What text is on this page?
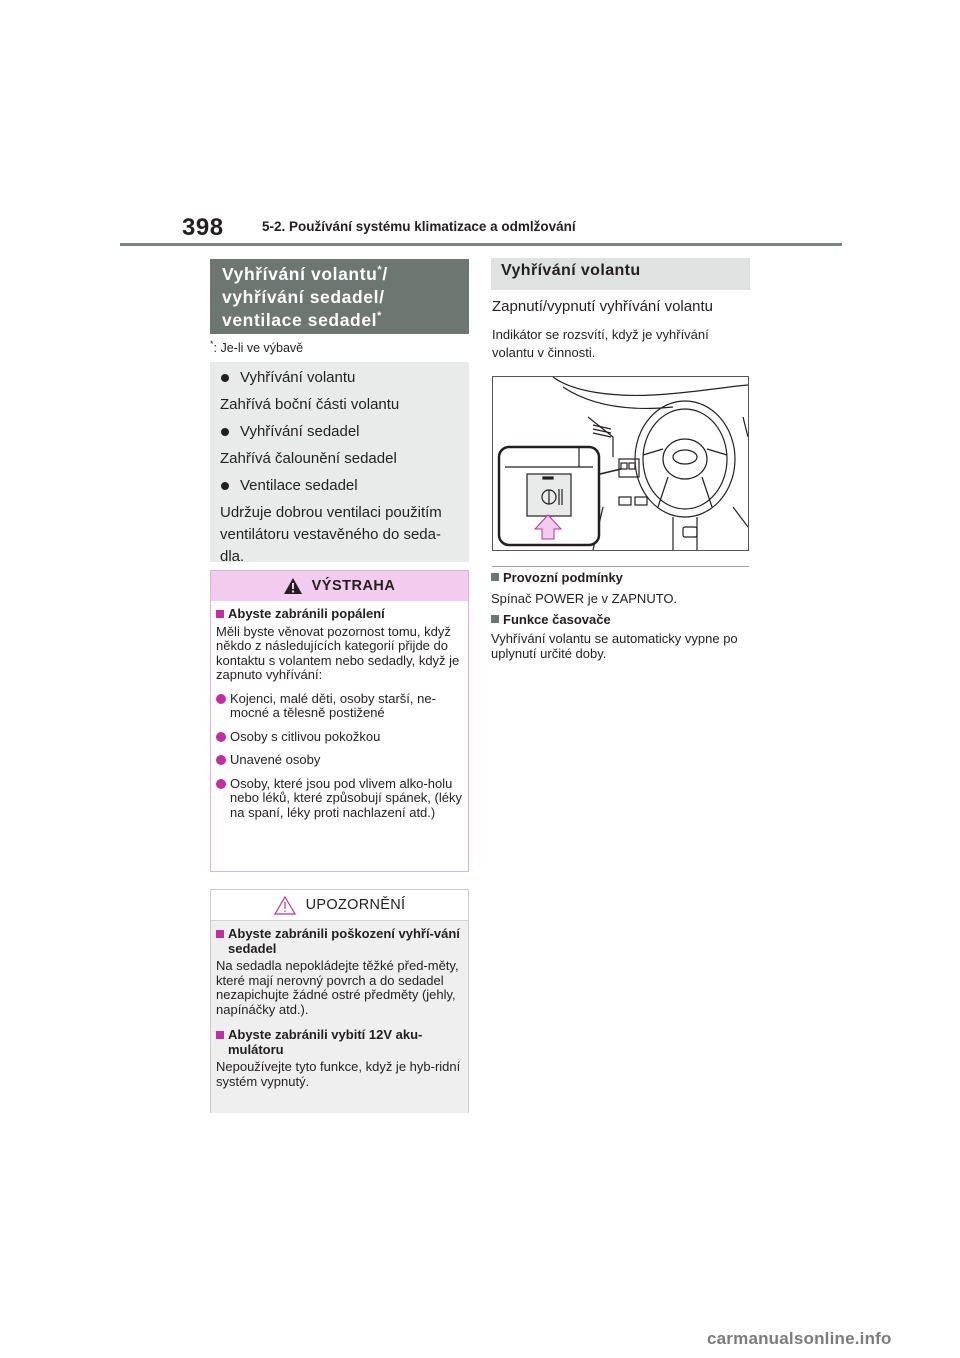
398	5-2. Používání systému klimatizace a odmlžování
Vyhřívání volantu*/
vyhřívání sedadel/
ventilace sedadel*
*: Je-li ve výbavě
Vyhřívání volantu
Zahřívá boční části volantu
Vyhřívání sedadel
Zahřívá čalounění sedadel
Ventilace sedadel
Udržuje dobrou ventilaci použitím ventilátoru vestavěného do seda-dla.
VÝSTRAHA
Abyste zabránili popálení
Měli byste věnovat pozornost tomu, když někdo z následujících kategorií přijde do kontaktu s volantem nebo sedadly, když je zapnuto vyhřívání:
Kojenci, malé děti, osoby starší, ne-mocné a tělesně postižené
Osoby s citlivou pokožkou
Unavené osoby
Osoby, které jsou pod vlivem alko-holu nebo léků, které způsobují spánek, (léky na spaní, léky proti nachlazení atd.)
UPOZORNĚNÍ
Abyste zabránili poškození vyhří-vání sedadel
Na sedadla nepokládejte těžké před-měty, které mají nerovný povrch a do sedadel nezapichujte žádné ostré předměty (jehly, napínáčky atd.).
Abyste zabránili vybití 12V aku-mulátoru
Nepoužívejte tyto funkce, když je hyb-ridní systém vypnutý.
Vyhřívání volantu
Zapnutí/vypnutí vyhřívání volantu
Indikátor se rozsvítí, když je vyhřívání volantu v činnosti.
Provozní podmínky
Spínač POWER je v ZAPNUTO.
Funkce časovače
Vyhřívání volantu se automaticky vypne po uplynutí určité doby.
carmanualsonline.info
